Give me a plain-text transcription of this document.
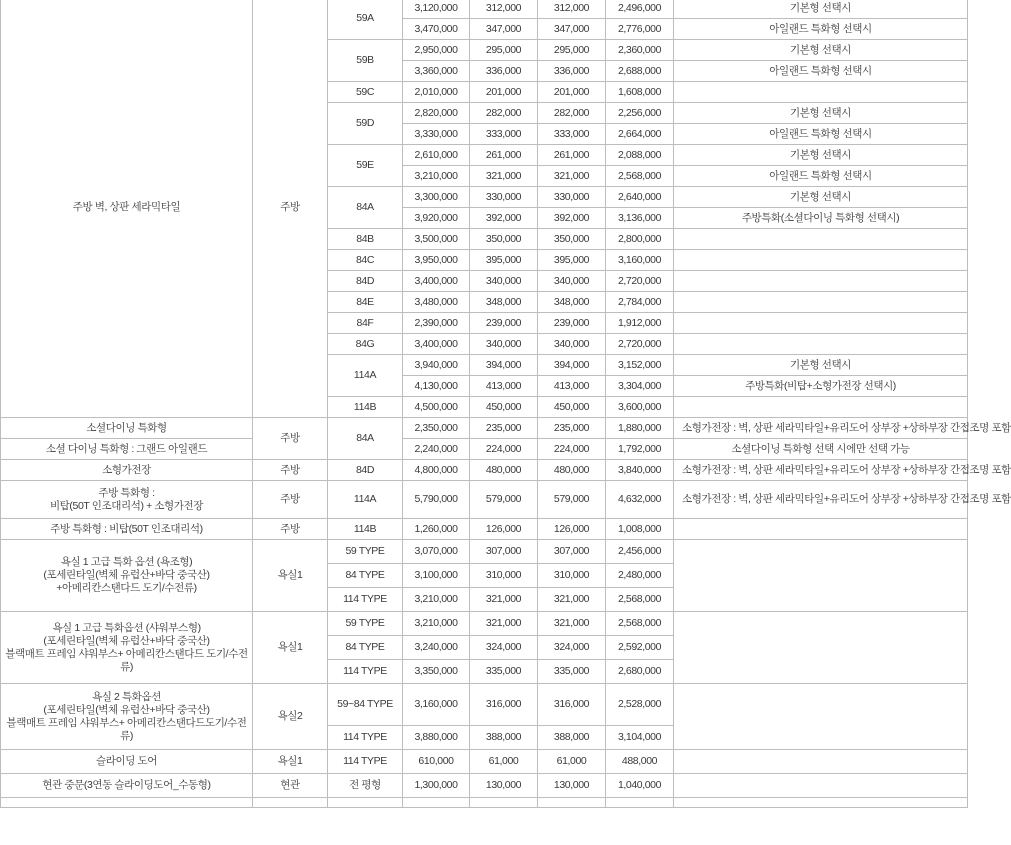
주방 벽, 상판 세라믹타일	주방	59A	3,120,000	312,000	312,000	2,496,000	기본형 선택시
			3,470,000	347,000	347,000	2,776,000	아일랜드 특화형 선택시
		59B	2,950,000	295,000	295,000	2,360,000	기본형 선택시
			3,360,000	336,000	336,000	2,688,000	아일랜드 특화형 선택시
		59C	2,010,000	201,000	201,000	1,608,000	
		59D	2,820,000	282,000	282,000	2,256,000	기본형 선택시
			3,330,000	333,000	333,000	2,664,000	아일랜드 특화형 선택시
		59E	2,610,000	261,000	261,000	2,088,000	기본형 선택시
			3,210,000	321,000	321,000	2,568,000	아일랜드 특화형 선택시
		84A	3,300,000	330,000	330,000	2,640,000	기본형 선택시
			3,920,000	392,000	392,000	3,136,000	주방특화(소셜다이닝 특화형 선택시)
		84B	3,500,000	350,000	350,000	2,800,000	
		84C	3,950,000	395,000	395,000	3,160,000	
		84D	3,400,000	340,000	340,000	2,720,000	
		84E	3,480,000	348,000	348,000	2,784,000	
		84F	2,390,000	239,000	239,000	1,912,000	
		84G	3,400,000	340,000	340,000	2,720,000	
		114A	3,940,000	394,000	394,000	3,152,000	기본형 선택시
			4,130,000	413,000	413,000	3,304,000	주방특화(비탑+소형가전장 선택시)
		114B	4,500,000	450,000	450,000	3,600,000	

소셜다이닝 특화형	주방	84A	2,350,000	235,000	235,000	1,880,000	소형가전장 : 벽, 상판 세라믹타일+유리도어 상부장 +상하부장 간접조명 포함

소셜 다이닝 특화형 : 그랜드 아일랜드			2,240,000	224,000	224,000	1,792,000	소셜다이닝 특화형 선택 시에만 선택 가능

소형가전장	주방	84D	4,800,000	480,000	480,000	3,840,000	소형가전장 : 벽, 상판 세라믹타일+유리도어 상부장 +상하부장 간접조명 포함

주방 특화형 :
비탑(50T 인조대리석) + 소형가전장	주방	114A	5,790,000	579,000	579,000	4,632,000	소형가전장 : 벽, 상판 세라믹타일+유리도어 상부장 +상하부장 간접조명 포함

주방 특화형 : 비탑(50T 인조대리석)	주방	114B	1,260,000	126,000	126,000	1,008,000	

욕실 1 고급 특화 옵션 (욕조형)
(포세린타일(벽체 유럽산+바닥 중국산)
+아메리칸스탠다드 도기/수전류)	욕실1	59 TYPE	3,070,000	307,000	307,000	2,456,000	
		84 TYPE	3,100,000	310,000	310,000	2,480,000	
		114 TYPE	3,210,000	321,000	321,000	2,568,000	

욕실 1 고급 특화옵션 (샤워부스형)
(포세린타일(벽체 유럽산+바닥 중국산)
블랙매트 프레임 샤워부스+ 아메리칸스탠다드 도기/수전류)	욕실1	59 TYPE	3,210,000	321,000	321,000	2,568,000	
		84 TYPE	3,240,000	324,000	324,000	2,592,000	
		114 TYPE	3,350,000	335,000	335,000	2,680,000	

욕실 2 특화옵션
(포세린타일(벽체 유럽산+바닥 중국산)
블랙매트 프레임 샤워부스+ 아메리칸스탠다드도기/수전류)	욕실2	59~84 TYPE	3,160,000	316,000	316,000	2,528,000	
		114 TYPE	3,880,000	388,000	388,000	3,104,000	

슬라이딩 도어	욕실1	114 TYPE	610,000	61,000	61,000	488,000	

현관 중문(3연동 슬라이딩도어_수동형)	현관	전 평형	1,300,000	130,000	130,000	1,040,000	
